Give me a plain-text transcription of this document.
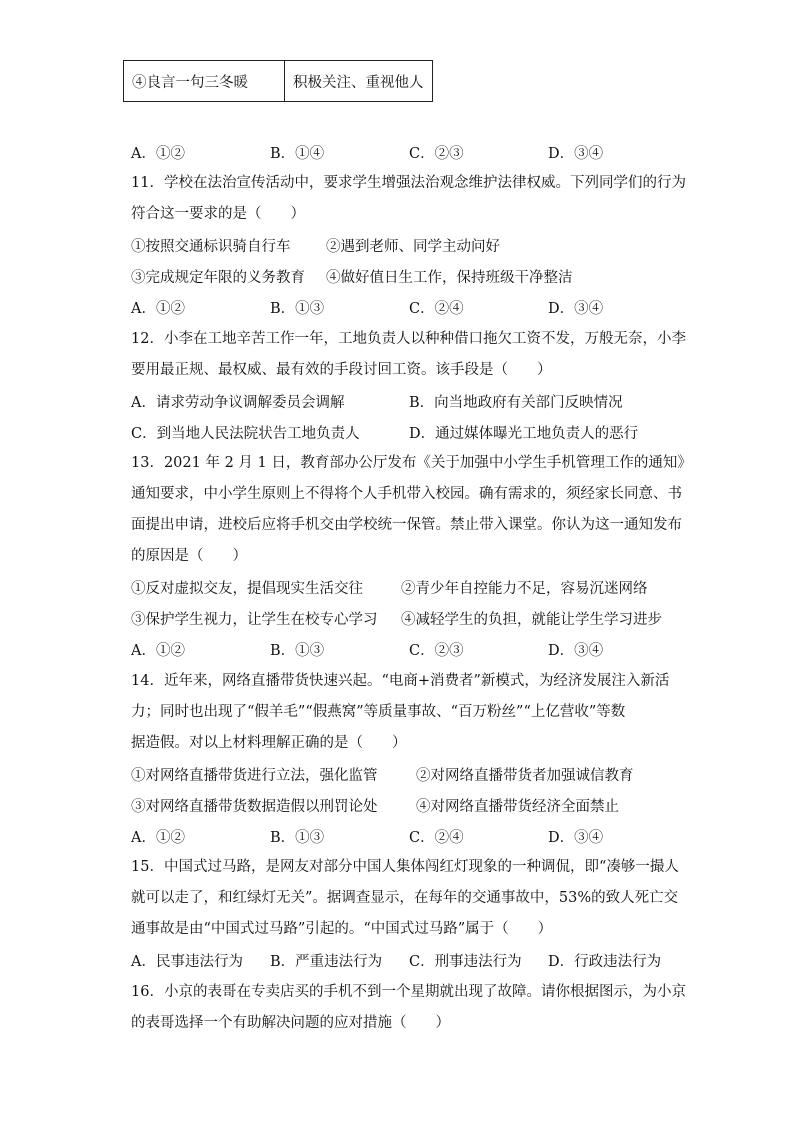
④良言一句三冬暖	积极关注、重视他人
A．①②	B．①④	C．②③	D．③④
11．学校在法治宣传活动中，要求学生增强法治观念维护法律权威。下列同学们的行为
符合这一要求的是（　　）
①按照交通标识骑自行车 ②遇到老师、同学主动问好
③完成规定年限的义务教育 ④做好值日生工作，保持班级干净整洁
A．①②	B．①③	C．②④	D．③④
12．小李在工地辛苦工作一年，工地负责人以种种借口拖欠工资不发，万般无奈，小李
要用最正规、最权威、最有效的手段讨回工资。该手段是（　　）
A．请求劳动争议调解委员会调解	B．向当地政府有关部门反映情况
C．到当地人民法院状告工地负责人	D．通过媒体曝光工地负责人的恶行
13．2021 年 2 月 1 日，教育部办公厅发布《关于加强中小学生手机管理工作的通知》
通知要求，中小学生原则上不得将个人手机带入校园。确有需求的，须经家长同意、书
面提出申请，进校后应将手机交由学校统一保管。禁止带入课堂。你认为这一通知发布
的原因是（　　）
①反对虚拟交友，提倡现实生活交往	②青少年自控能力不足，容易沉迷网络
③保护学生视力，让学生在校专心学习 ④减轻学生的负担，就能让学生学习进步
A．①②	B．①③	C．②③	D．③④
14．近年来，网络直播带货快速兴起。“电商+消费者”新模式，为经济发展注入新活
力；同时也出现了“假羊毛”“假燕窝”等质量事故、“百万粉丝”“上亿营收”等数
据造假。对以上材料理解正确的是（　　）
①对网络直播带货进行立法，强化监管	②对网络直播带货者加强诚信教育
③对网络直播带货数据造假以刑罚论处	④对网络直播带货经济全面禁止
A．①②	B．①③	C．②④	D．③④
15．中国式过马路，是网友对部分中国人集体闯红灯现象的一种调侃，即“凑够一撮人
就可以走了，和红绿灯无关”。据调查显示，在每年的交通事故中，53%的致人死亡交
通事故是由“中国式过马路”引起的。“中国式过马路”属于（　　）
A．民事违法行为 B．严重违法行为 C．刑事违法行为 D．行政违法行为
16．小京的表哥在专卖店买的手机不到一个星期就出现了故障。请你根据图示，为小京
的表哥选择一个有助解决问题的应对措施（　　）
